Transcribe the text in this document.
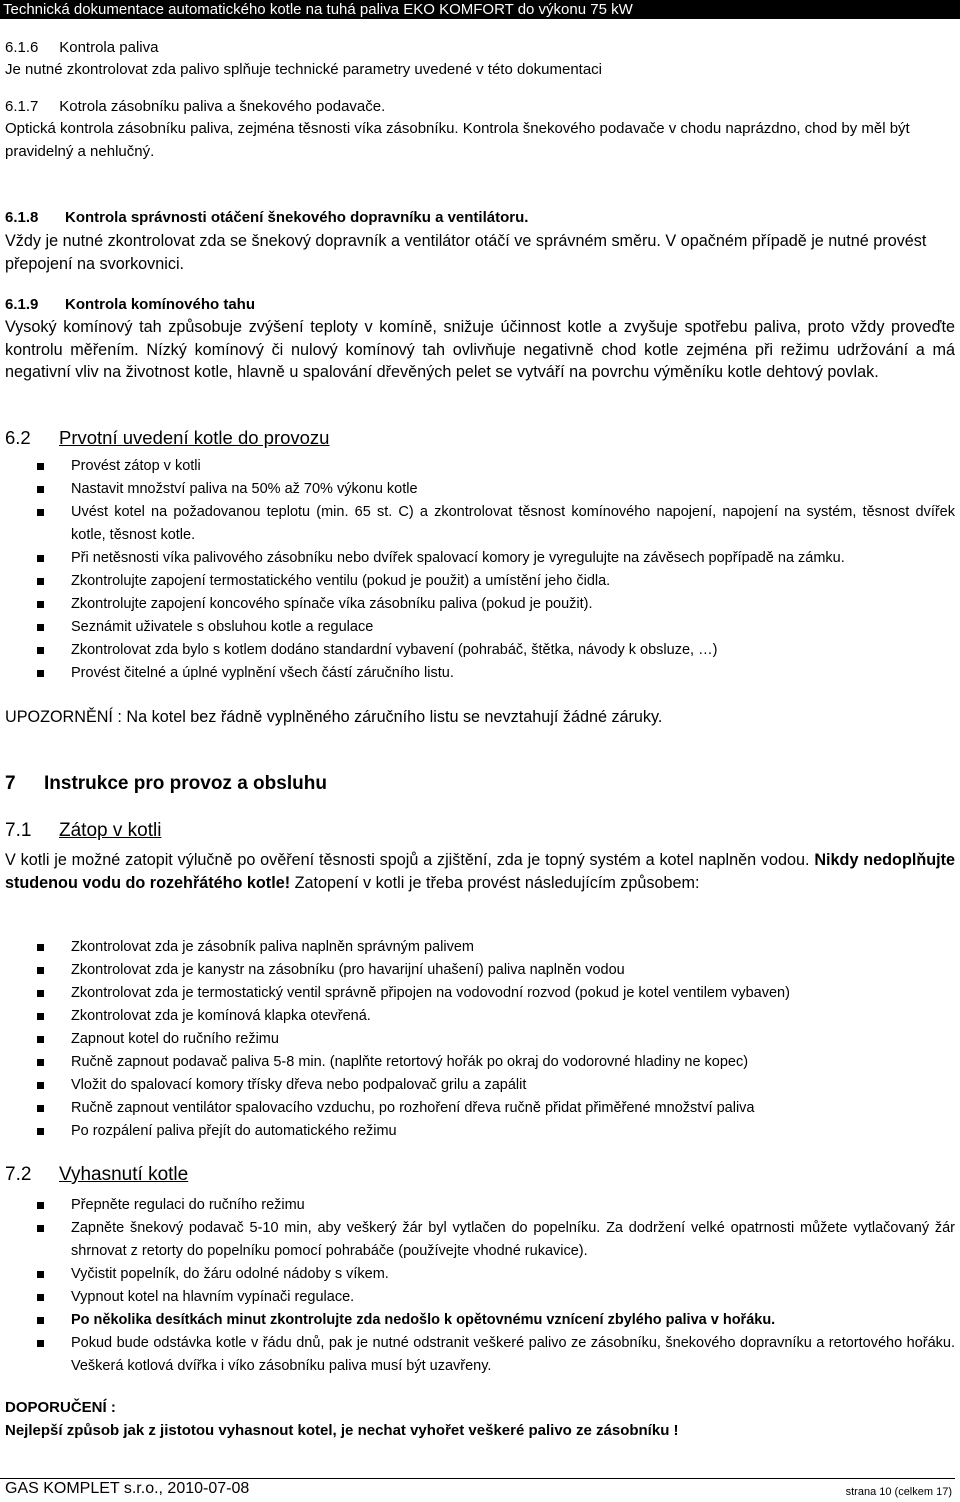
Technická dokumentace automatického kotle na tuhá paliva EKO KOMFORT do výkonu 75 kW
6.1.6 Kontrola paliva
Je nutné zkontrolovat zda palivo splňuje technické parametry uvedené v této dokumentaci
6.1.7 Kotrola zásobníku paliva a šnekového podavače.
Optická kontrola zásobníku paliva, zejména těsnosti víka zásobníku. Kontrola šnekového podavače v chodu naprázdno, chod by měl být pravidelný a nehlučný.
6.1.8 Kontrola správnosti otáčení šnekového dopravníku a ventilátoru.
Vždy je nutné zkontrolovat zda se šnekový dopravník a ventilátor otáčí ve správném směru. V opačném případě je nutné provést přepojení na svorkovnici.
6.1.9 Kontrola komínového tahu
Vysoký komínový tah způsobuje zvýšení teploty v komíně, snižuje účinnost kotle a zvyšuje spotřebu paliva, proto vždy proveďte kontrolu měřením. Nízký komínový či nulový komínový tah ovlivňuje negativně chod kotle zejména při režimu udržování a má negativní vliv na životnost kotle, hlavně u spalování dřevěných pelet se vytváří na povrchu výměníku kotle dehtový povlak.
6.2 Prvotní uvedení kotle do provozu
Provést zátop v kotli
Nastavit množství paliva na 50% až 70% výkonu kotle
Uvést kotel na požadovanou teplotu (min. 65 st. C) a zkontrolovat těsnost komínového napojení, napojení na systém, těsnost dvířek kotle, těsnost kotle.
Při netěsnosti víka palivového zásobníku nebo dvířek spalovací komory je vyregulujte na závěsech popřípadě na zámku.
Zkontrolujte zapojení termostatického ventilu (pokud je použit) a umístění jeho čidla.
Zkontrolujte zapojení koncového spínače víka zásobníku paliva (pokud je použit).
Seznámit uživatele s obsluhou kotle a regulace
Zkontrolovat zda bylo s kotlem dodáno standardní vybavení (pohrabáč, štětka, návody k obsluze, …)
Provést čitelné a úplné vyplnění všech částí záručního listu.
UPOZORNĚNÍ : Na kotel bez řádně vyplněného záručního listu se nevztahují žádné záruky.
7 Instrukce pro provoz a obsluhu
7.1 Zátop v kotli
V kotli je možné zatopit výlučně po ověření těsnosti spojů a zjištění, zda je topný systém a kotel naplněn vodou. Nikdy nedoplňujte studenou vodu do rozehřátého kotle! Zatopení v kotli je třeba provést následujícím způsobem:
Zkontrolovat zda je zásobník paliva naplněn správným palivem
Zkontrolovat zda je kanystr na zásobníku (pro havarijní uhašení) paliva naplněn vodou
Zkontrolovat zda je termostatický ventil správně připojen na vodovodní rozvod (pokud je kotel ventilem vybaven)
Zkontrolovat zda je komínová klapka otevřená.
Zapnout kotel do ručního režimu
Ručně zapnout podavač paliva 5-8 min. (naplňte retortový hořák po okraj do vodorovné hladiny ne kopec)
Vložit do spalovací komory třísky dřeva nebo podpalovač grilu a zapálit
Ručně zapnout ventilátor spalovacího vzduchu, po rozhoření dřeva ručně přidat přiměřené množství paliva
Po rozpálení paliva přejít do automatického režimu
7.2 Vyhasnutí kotle
Přepněte regulaci do ručního režimu
Zapněte šnekový podavač 5-10 min, aby veškerý žár byl vytlačen do popelníku. Za dodržení velké opatrnosti můžete vytlačovaný žár shrnovat z retorty do popelníku pomocí pohrabáče (používejte vhodné rukavice).
Vyčistit popelník, do žáru odolné nádoby s víkem.
Vypnout kotel na hlavním vypínači regulace.
Po několika desítkách minut zkontrolujte zda nedošlo k opětovnému vznícení zbylého paliva v hořáku.
Pokud bude odstávka kotle v řádu dnů, pak je nutné odstranit veškeré palivo ze zásobníku, šnekového dopravníku a retortového hořáku. Veškerá kotlová dvířka i víko zásobníku paliva musí být uzavřeny.
DOPORUČENÍ :
Nejlepší způsob jak z jistotou vyhasnout kotel, je nechat vyhořet veškeré palivo ze zásobníku !
GAS KOMPLET s.r.o., 2010-07-08	strana 10 (celkem 17)
